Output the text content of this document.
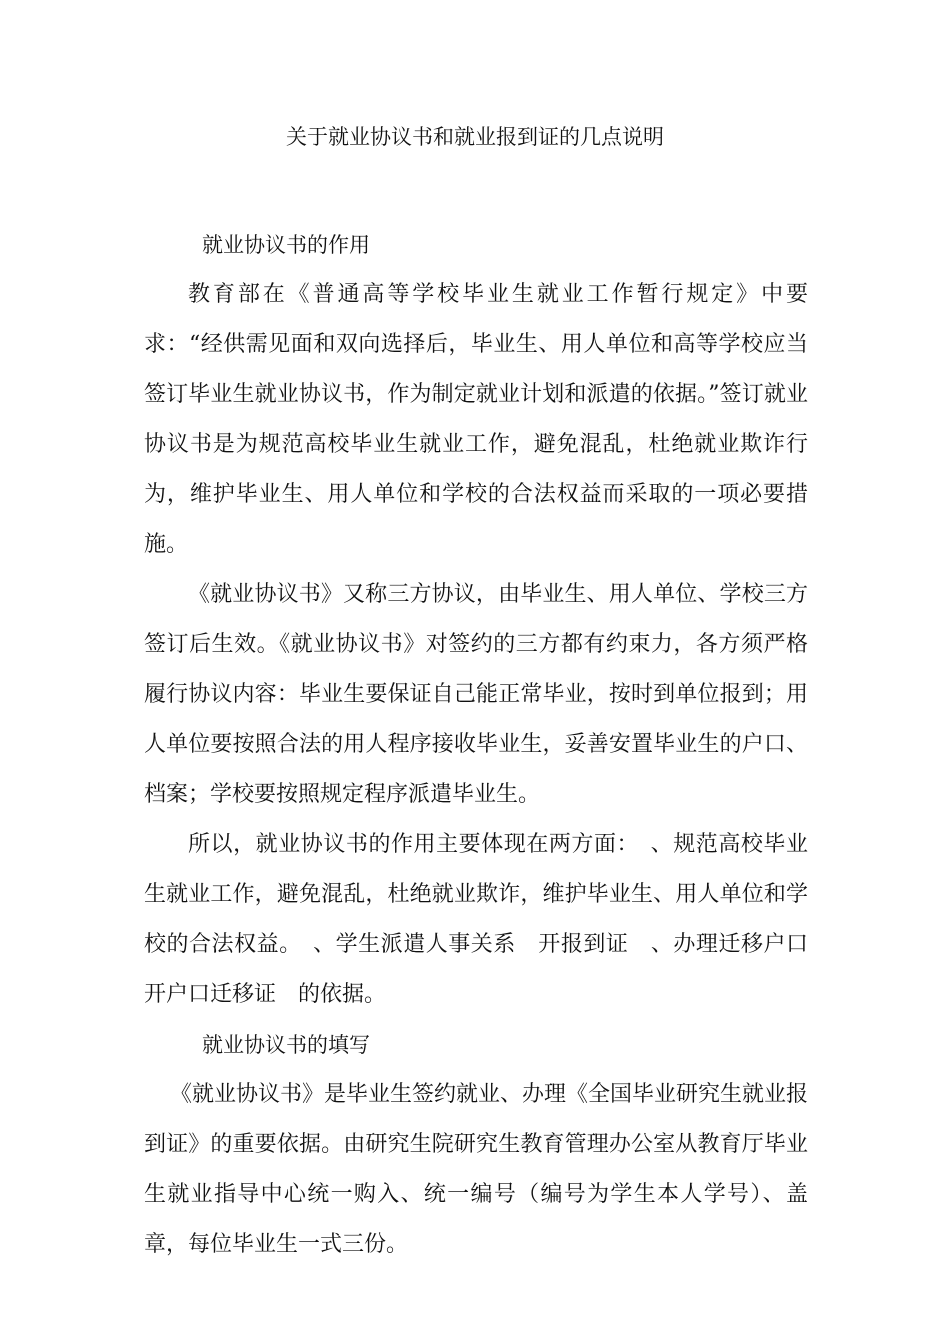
关于就业协议书和就业报到证的几点说明

就业协议书的作用

教育部在《普通高等学校毕业生就业工作暂行规定》中要求：“经供需见面和双向选择后，毕业生、用人单位和高等学校应当签订毕业生就业协议书，作为制定就业计划和派遣的依据。”签订就业协议书是为规范高校毕业生就业工作，避免混乱，杜绝就业欺诈行为，维护毕业生、用人单位和学校的合法权益而采取的一项必要措施。

《就业协议书》又称三方协议，由毕业生、用人单位、学校三方签订后生效。《就业协议书》对签约的三方都有约束力，各方须严格履行协议内容：毕业生要保证自己能正常毕业，按时到单位报到；用人单位要按照合法的用人程序接收毕业生，妥善安置毕业生的户口、档案；学校要按照规定程序派遣毕业生。

所以，就业协议书的作用主要体现在两方面：　、规范高校毕业生就业工作，避免混乱，杜绝就业欺诈，维护毕业生、用人单位和学校的合法权益。　、学生派遣人事关系　开报到证　、办理迁移户口　开户口迁移证　的依据。

就业协议书的填写

《就业协议书》是毕业生签约就业、办理《全国毕业研究生就业报到证》的重要依据。由研究生院研究生教育管理办公室从教育厅毕业生就业指导中心统一购入、统一编号（编号为学生本人学号）、盖章，每位毕业生一式三份。
